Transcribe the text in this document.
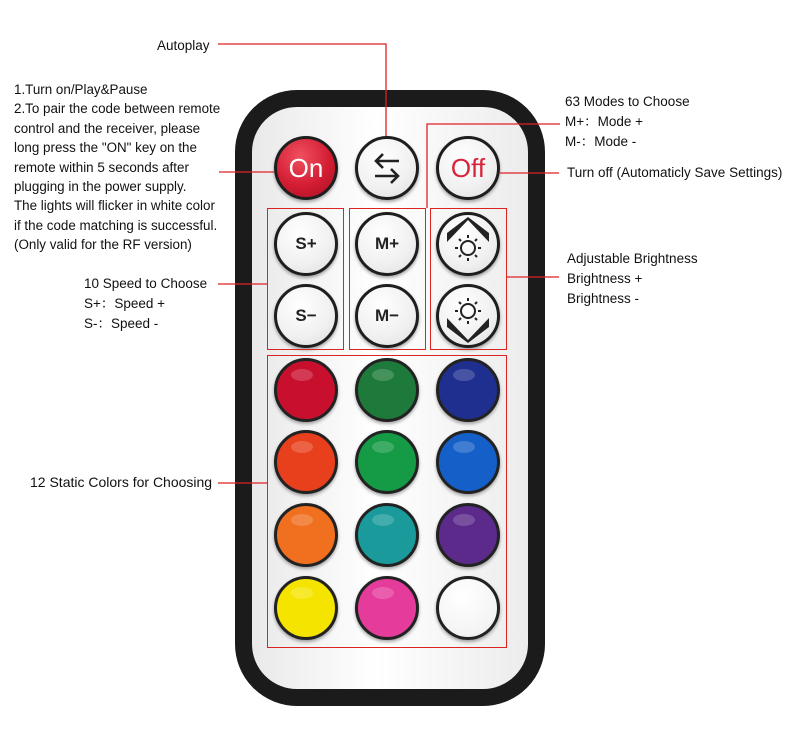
Autoplay
1.Turn on/Play&Pause
2.To pair the code between remote
control and the receiver, please
long press the "ON" key on the
remote within 5 seconds after
plugging in the power supply.
The lights will flicker in white color
if the code matching is successful.
(Only valid for the RF version)
10 Speed to Choose
S+：Speed +
S-：Speed -
12 Static Colors for Choosing
63 Modes to Choose
M+：Mode +
M-：Mode -
Turn off (Automaticly Save Settings)
Adjustable Brightness
Brightness +
Brightness -
On	Off
S+	M+
S−	M−
